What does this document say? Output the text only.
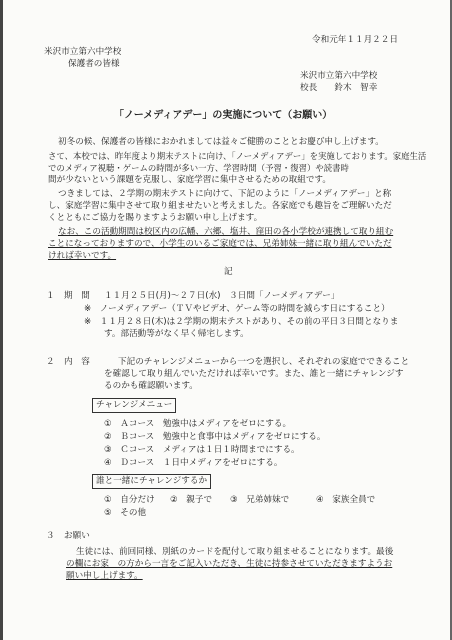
令和元年１１月２２日
米沢市立第六中学校
保護者の皆様
米沢市立第六中学校
校長　　鈴木　智幸
「ノーメディアデー」の実施について（お願い）
初冬の候、保護者の皆様におかれましては益々ご健勝のこととお慶び申し上げます。
さて、本校では、昨年度より期末テストに向け、「ノーメディアデー」を実施しております。家庭生活でのメディア視聴・ゲームの時間が多い一方、学習時間（予習・復習）や読書時
間が少ないという課題を克服し、家庭学習に集中させるための取組です。
つきましては、２学期の期末テストに向けて、下記のように「ノーメディアデー」と称
し、家庭学習に集中させて取り組ませたいと考えました。各家庭でも趣旨をご理解いただ
くとともにご協力を賜りますようお願い申し上げます。
なお、この活動期間は校区内の広幡、六郷、塩井、窪田の各小学校が連携して取り組む
ことになっておりますので、小学生のいるご家庭では、兄弟姉妹一緒に取り組んでいただ
ければ幸いです。
記
１ 期　間 １１月２５日(月)～２７日(水)　３日間「ノーメディアデー」
※　ノーメディアデー（ＴＶやビデオ、ゲーム等の時間を減らす日にすること）
※　１１月２８日(木)は２学期の期末テストがあり、その前の平日３日間となりま
す。部活動等がなく早く帰宅します。
２ 内　容	下記のチャレンジメニューから一つを選択し、それぞれの家庭でできること
を確認して取り組んでいただければ幸いです。また、誰と一緒にチャレンジす
るのかも確認願います。
チャレンジメニュー
①　Ａコース　勉強中はメディアをゼロにする。
②　Ｂコース　勉強中と食事中はメディアをゼロにする。
③　Ｃコース　メディアは１日１時間までにする。
④　Ｄコース　１日中メディアをゼロにする。
誰と一緒にチャレンジするか
①　自分だけ ②　親子で ③　兄弟姉妹で	④　家族全員で
⑤　その他
３ お願い
生徒には、前回同様、別紙のカードを配付して取り組ませることになります。最後
の欄にお家　の方から一言をご記入いただき、生徒に持参させていただきますようお
願い申し上げます。
